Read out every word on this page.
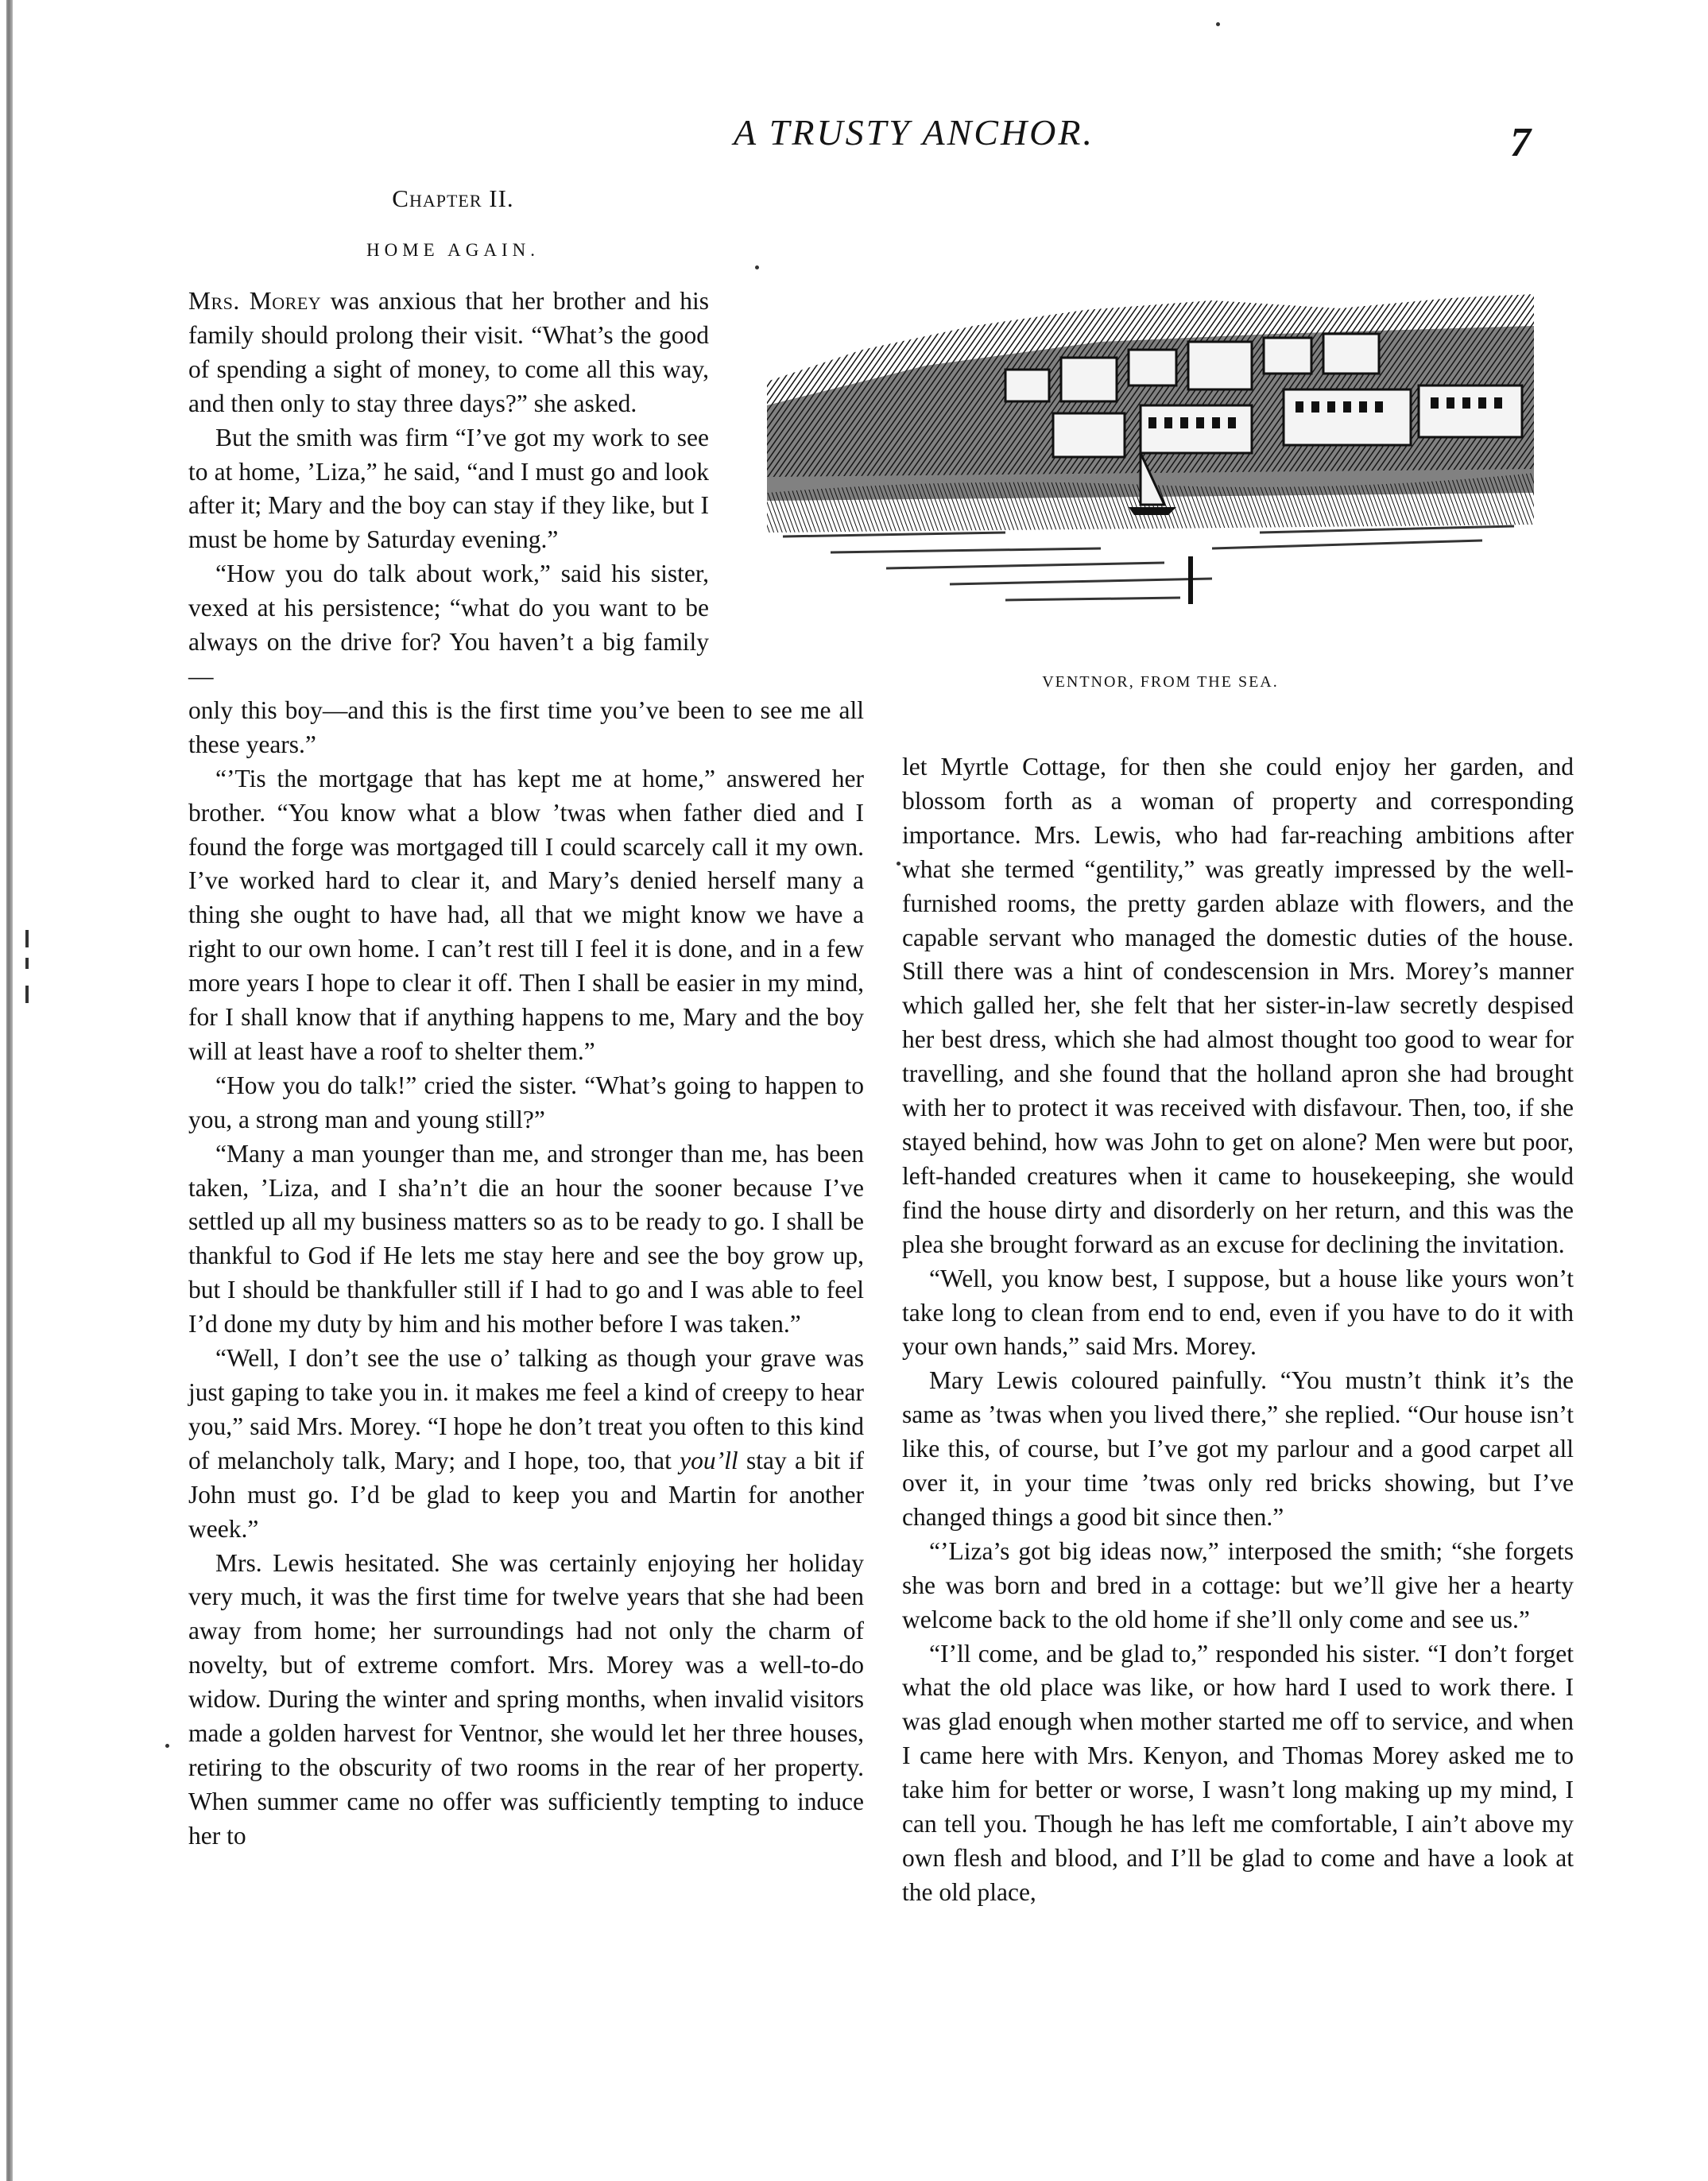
A TRUSTY ANCHOR.	7
Chapter II.
HOME AGAIN.
VENTNOR, FROM THE SEA.

Mrs. Morey was anxious that her brother and his family should prolong their visit. “What’s the good of spending a sight of money, to come all this way, and then only to stay three days?” she asked.

But the smith was firm “I’ve got my work to see to at home, ’Liza,” he said, “and I must go and look after it; Mary and the boy can stay if they like, but I must be home by Saturday evening.”

“How you do talk about work,” said his sister, vexed at his persistence; “what do you want to be always on the drive for? You haven’t a big family—

only this boy—and this is the first time you’ve been to see me all these years.”

“’Tis the mortgage that has kept me at home,” answered her brother. “You know what a blow ’twas when father died and I found the forge was mortgaged till I could scarcely call it my own. I’ve worked hard to clear it, and Mary’s denied herself many a thing she ought to have had, all that we might know we have a right to our own home. I can’t rest till I feel it is done, and in a few more years I hope to clear it off. Then I shall be easier in my mind, for I shall know that if anything happens to me, Mary and the boy will at least have a roof to shelter them.”

“How you do talk!” cried the sister. “What’s going to happen to you, a strong man and young still?”

“Many a man younger than me, and stronger than me, has been taken, ’Liza, and I sha’n’t die an hour the sooner because I’ve settled up all my business matters so as to be ready to go. I shall be thankful to God if He lets me stay here and see the boy grow up, but I should be thankfuller still if I had to go and I was able to feel I’d done my duty by him and his mother before I was taken.”

“Well, I don’t see the use o’ talking as though your grave was just gaping to take you in. it makes me feel a kind of creepy to hear you,” said Mrs. Morey. “I hope he don’t treat you often to this kind of melancholy talk, Mary; and I hope, too, that you’ll stay a bit if John must go. I’d be glad to keep you and Martin for another week.”

Mrs. Lewis hesitated. She was certainly enjoying her holiday very much, it was the first time for twelve years that she had been away from home; her surroundings had not only the charm of novelty, but of extreme comfort. Mrs. Morey was a well-to-do widow. During the winter and spring months, when invalid visitors made a golden harvest for Ventnor, she would let her three houses, retiring to the obscurity of two rooms in the rear of her property. When summer came no offer was sufficiently tempting to induce her to

let Myrtle Cottage, for then she could enjoy her garden, and blossom forth as a woman of property and corresponding importance. Mrs. Lewis, who had far-reaching ambitions after what she termed “gentility,” was greatly impressed by the well-furnished rooms, the pretty garden ablaze with flowers, and the capable servant who managed the domestic duties of the house. Still there was a hint of condescension in Mrs. Morey’s manner which galled her, she felt that her sister-in-law secretly despised her best dress, which she had almost thought too good to wear for travelling, and she found that the holland apron she had brought with her to protect it was received with disfavour. Then, too, if she stayed behind, how was John to get on alone? Men were but poor, left-handed creatures when it came to housekeeping, she would find the house dirty and disorderly on her return, and this was the plea she brought forward as an excuse for declining the invitation.

“Well, you know best, I suppose, but a house like yours won’t take long to clean from end to end, even if you have to do it with your own hands,” said Mrs. Morey.

Mary Lewis coloured painfully. “You mustn’t think it’s the same as ’twas when you lived there,” she replied. “Our house isn’t like this, of course, but I’ve got my parlour and a good carpet all over it, in your time ’twas only red bricks showing, but I’ve changed things a good bit since then.”

“’Liza’s got big ideas now,” interposed the smith; “she forgets she was born and bred in a cottage: but we’ll give her a hearty welcome back to the old home if she’ll only come and see us.”

“I’ll come, and be glad to,” responded his sister. “I don’t forget what the old place was like, or how hard I used to work there. I was glad enough when mother started me off to service, and when I came here with Mrs. Kenyon, and Thomas Morey asked me to take him for better or worse, I wasn’t long making up my mind, I can tell you. Though he has left me comfortable, I ain’t above my own flesh and blood, and I’ll be glad to come and have a look at the old place,
